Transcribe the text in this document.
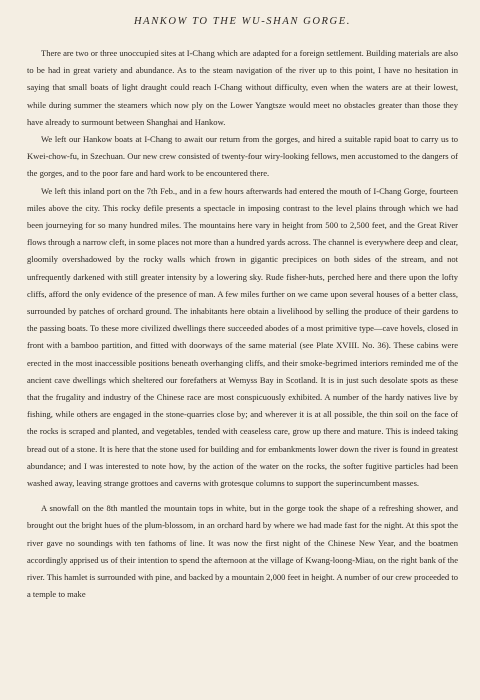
HANKOW TO THE WU-SHAN GORGE.

There are two or three unoccupied sites at I-Chang which are adapted for a foreign settlement. Building materials are also to be had in great variety and abundance. As to the steam navigation of the river up to this point, I have no hesitation in saying that small boats of light draught could reach I-Chang without difficulty, even when the waters are at their lowest, while during summer the steamers which now ply on the Lower Yangtsze would meet no obstacles greater than those they have already to surmount between Shanghai and Hankow.

We left our Hankow boats at I-Chang to await our return from the gorges, and hired a suitable rapid boat to carry us to Kwei-chow-fu, in Szechuan. Our new crew consisted of twenty-four wiry-looking fellows, men accustomed to the dangers of the gorges, and to the poor fare and hard work to be encountered there.

We left this inland port on the 7th Feb., and in a few hours afterwards had entered the mouth of I-Chang Gorge, fourteen miles above the city. This rocky defile presents a spectacle in imposing contrast to the level plains through which we had been journeying for so many hundred miles. The mountains here vary in height from 500 to 2,500 feet, and the Great River flows through a narrow cleft, in some places not more than a hundred yards across. The channel is everywhere deep and clear, gloomily overshadowed by the rocky walls which frown in gigantic precipices on both sides of the stream, and not unfrequently darkened with still greater intensity by a lowering sky. Rude fisher-huts, perched here and there upon the lofty cliffs, afford the only evidence of the presence of man. A few miles further on we came upon several houses of a better class, surrounded by patches of orchard ground. The inhabitants here obtain a livelihood by selling the produce of their gardens to the passing boats. To these more civilized dwellings there succeeded abodes of a most primitive type—cave hovels, closed in front with a bamboo partition, and fitted with doorways of the same material (see Plate XVIII. No. 36). These cabins were erected in the most inaccessible positions beneath overhanging cliffs, and their smoke-begrimed interiors reminded me of the ancient cave dwellings which sheltered our forefathers at Wemyss Bay in Scotland. It is in just such desolate spots as these that the frugality and industry of the Chinese race are most conspicuously exhibited. A number of the hardy natives live by fishing, while others are engaged in the stone-quarries close by; and wherever it is at all possible, the thin soil on the face of the rocks is scraped and planted, and vegetables, tended with ceaseless care, grow up there and mature. This is indeed taking bread out of a stone. It is here that the stone used for building and for embankments lower down the river is found in greatest abundance; and I was interested to note how, by the action of the water on the rocks, the softer fugitive particles had been washed away, leaving strange grottoes and caverns with grotesque columns to support the superincumbent masses.

A snowfall on the 8th mantled the mountain tops in white, but in the gorge took the shape of a refreshing shower, and brought out the bright hues of the plum-blossom, in an orchard hard by where we had made fast for the night. At this spot the river gave no soundings with ten fathoms of line. It was now the first night of the Chinese New Year, and the boatmen accordingly apprised us of their intention to spend the afternoon at the village of Kwang-loong-Miau, on the right bank of the river. This hamlet is surrounded with pine, and backed by a mountain 2,000 feet in height. A number of our crew proceeded to a temple to make
